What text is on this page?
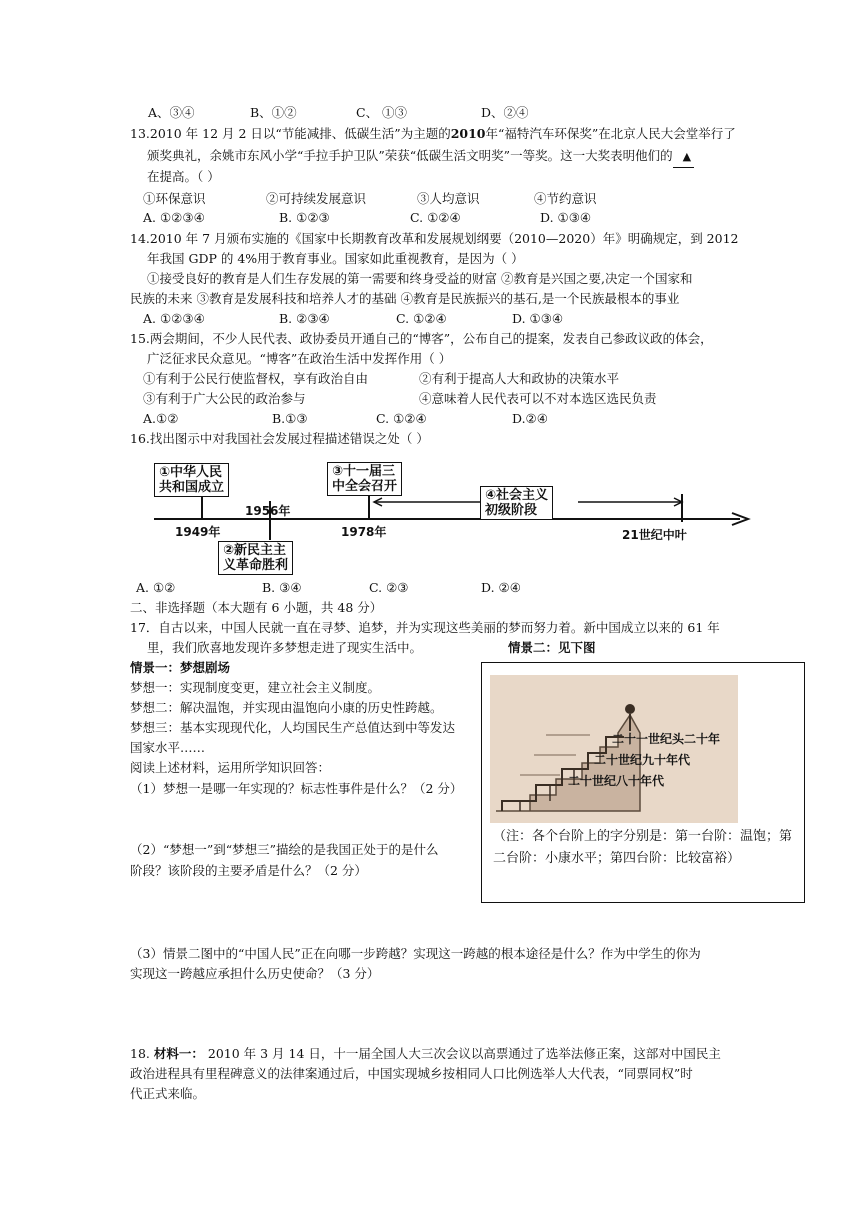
A、③④	B、①②	C、 ①③	D、②④
13.2010 年 12 月 2 日以“节能减排、低碳生活”为主题的2010年“福特汽车环保奖”在北京人民大会堂举行了
颁奖典礼，余姚市东风小学“手拉手护卫队”荣获“低碳生活文明奖”一等奖。这一大奖表明他们的 ▲
在提高。（ ）
①环保意识	②可持续发展意识	③人均意识	④节约意识
A. ①②③④	B. ①②③	C. ①②④	D. ①③④
14.2010 年 7 月颁布实施的《国家中长期教育改革和发展规划纲要（2010—2020）年》明确规定，到 2012
年我国 GDP 的 4%用于教育事业。国家如此重视教育，是因为（ ）
①接受良好的教育是人们生存发展的第一需要和终身受益的财富 ②教育是兴国之要,决定一个国家和
民族的未来 ③教育是发展科技和培养人才的基础 ④教育是民族振兴的基石,是一个民族最根本的事业
A. ①②③④	B. ②③④	C. ①②④	D. ①③④
15.两会期间，不少人民代表、政协委员开通自己的“博客”，公布自己的提案，发表自己参政议政的体会，
广泛征求民众意见。“博客”在政治生活中发挥作用（ ）
①有利于公民行使监督权，享有政治自由	②有利于提高人大和政协的决策水平
③有利于广大公民的政治参与	④意味着人民代表可以不对本选区选民负责
A.①②	B.①③	C. ①②④	D.②④
16.找出图示中对我国社会发展过程描述错误之处（ ）
①中华人民
共和国成立
③十一届三
中全会召开
④社会主义
初级阶段
②新民主主
义革命胜利
1949年
1956年
1978年	21世纪中叶
A. ①②	B. ③④	C. ②③	D. ②④
二、非选择题（本大题有 6 小题，共 48 分）
17．自古以来，中国人民就一直在寻梦、追梦，并为实现这些美丽的梦而努力着。新中国成立以来的 61 年
里，我们欣喜地发现许多梦想走进了现实生活中。	情景二：见下图
情景一：梦想剧场
梦想一：实现制度变更，建立社会主义制度。
梦想二：解决温饱，并实现由温饱向小康的历史性跨越。
梦想三：基本实现现代化，人均国民生产总值达到中等发达
国家水平……
阅读上述材料，运用所学知识回答：
（1）梦想一是哪一年实现的？标志性事件是什么？（2 分）
（2）“梦想一”到“梦想三”描绘的是我国正处于的是什么
阶段？该阶段的主要矛盾是什么？（2 分）
二十一世纪头二十年
二十世纪九十年代
二十世纪八十年代
（注：各个台阶上的字分别是：第一台阶：温饱；第二台阶：小康水平；第四台阶：比较富裕）
（3）情景二图中的“中国人民”正在向哪一步跨越？实现这一跨越的根本途径是什么？作为中学生的你为
实现这一跨越应承担什么历史使命？（3 分）
18. 材料一： 2010 年 3 月 14 日，十一届全国人大三次会议以高票通过了选举法修正案，这部对中国民主
政治进程具有里程碑意义的法律案通过后，中国实现城乡按相同人口比例选举人大代表，“同票同权”时
代正式来临。
